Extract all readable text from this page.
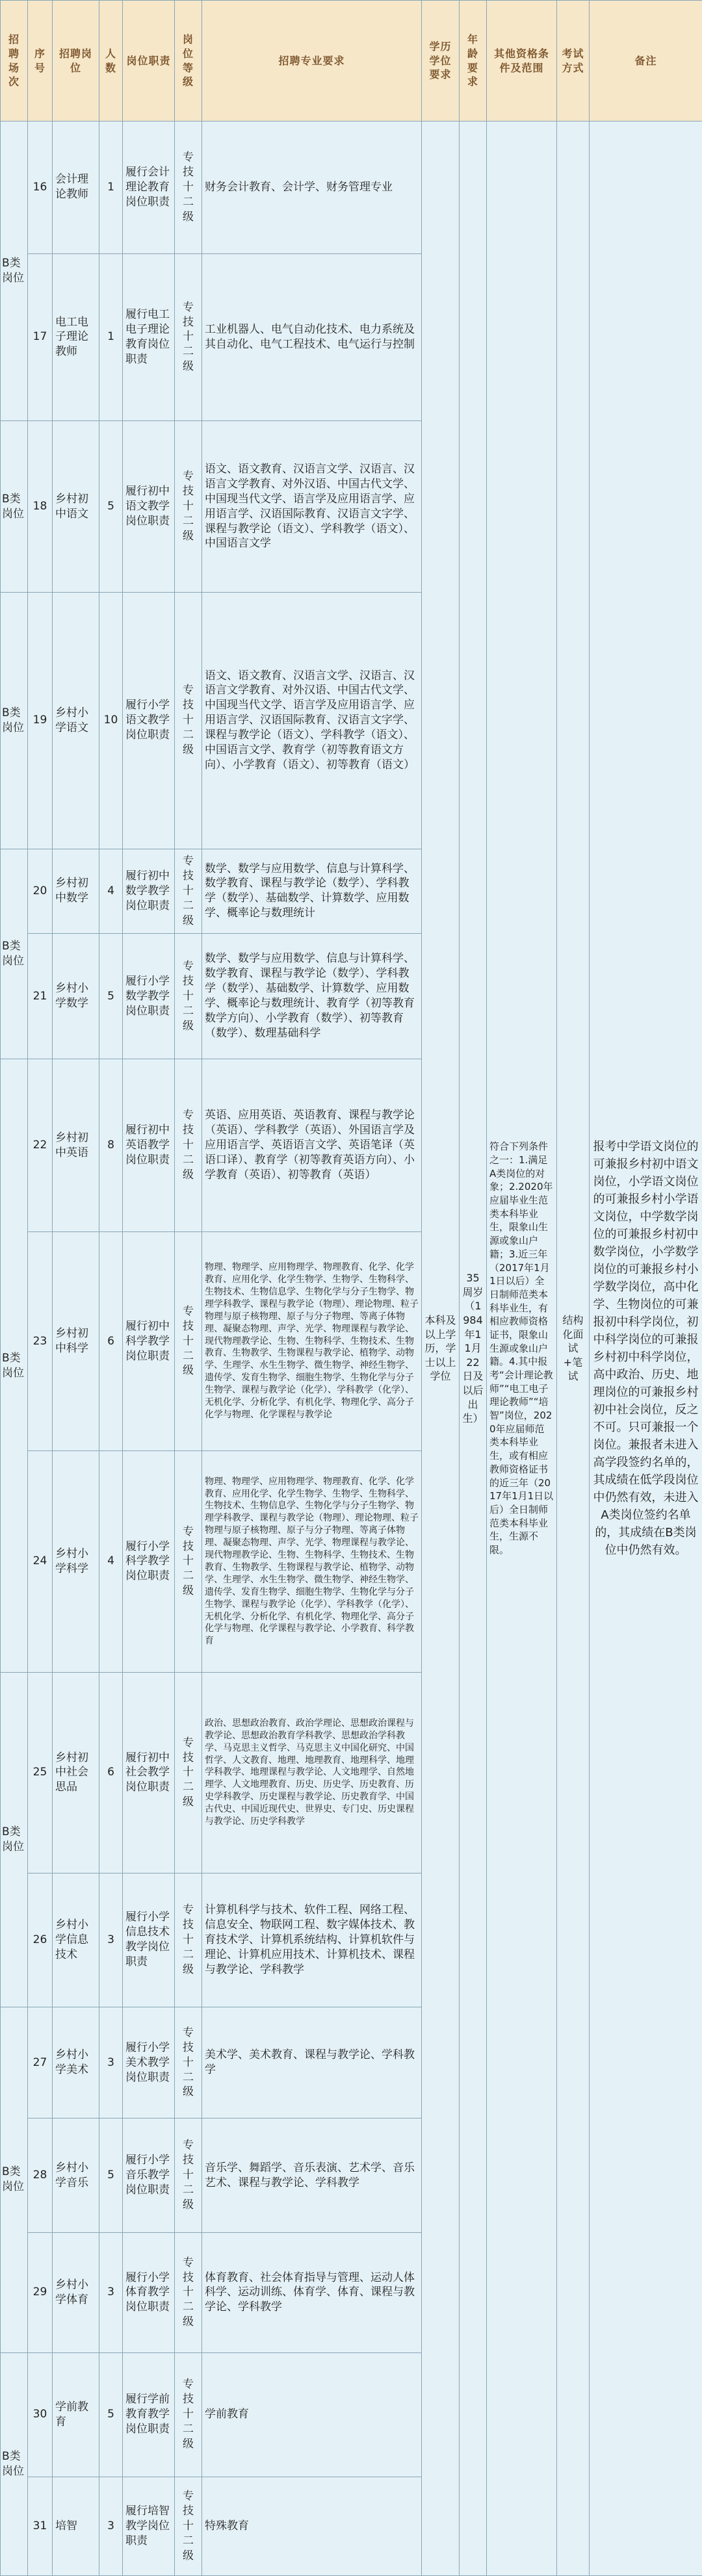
招聘场次	序号	招聘岗位	人数	岗位职责	岗位等级	招聘专业要求	学历学位要求	年龄要求	其他资格条件及范围	考试方式	备注
B类岗位	16	会计理论教师	1	履行会计理论教育岗位职责	专技十二级	财务会计教育、会计学、财务管理专业	本科及以上学历，学士以上学位	35周岁（1984年11月22日及以后出生）	符合下列条件之一：1.满足A类岗位的对象；2.2020年应届毕业生范类本科毕业生，限象山生源或象山户籍；3.近三年（2017年1月1日以后）全日制师范类本科毕业生，有相应教师资格证书，限象山生源或象山户籍。4.其中报考“会计理论教师”“电工电子理论教师”“培智”岗位，2020年应届师范类本科毕业生，或有相应教师资格证书的近三年（2017年1月1日以后）全日制师范类本科毕业生，生源不限。	结构化面试+笔试	报考中学语文岗位的可兼报乡村初中语文岗位，小学语文岗位的可兼报乡村小学语文岗位，中学数学岗位的可兼报乡村初中数学岗位，小学数学岗位的可兼报乡村小学数学岗位，高中化学、生物岗位的可兼报初中科学岗位，初中科学岗位的可兼报乡村初中科学岗位，高中政治、历史、地理岗位的可兼报乡村初中社会岗位，反之不可。只可兼报一个岗位。兼报者未进入高学段签约名单的，其成绩在低学段岗位中仍然有效，未进入A类岗位签约名单的，其成绩在B类岗位中仍然有效。
	17	电工电子理论教师	1	履行电工电子理论教育岗位职责	专技十二级	工业机器人、电气自动化技术、电力系统及其自动化、电气工程技术、电气运行与控制					
B类岗位	18	乡村初中语文	5	履行初中语文教学岗位职责	专技十二级	语文、语文教育、汉语言文学、汉语言、汉语言文学教育、对外汉语、中国古代文学、中国现当代文学、语言学及应用语言学、应用语言学、汉语国际教育、汉语言文字学、课程与教学论（语文）、学科教学（语文）、中国语言文学					
B类岗位	19	乡村小学语文	10	履行小学语文教学岗位职责	专技十二级	语文、语文教育、汉语言文学、汉语言、汉语言文学教育、对外汉语、中国古代文学、中国现当代文学、语言学及应用语言学、应用语言学、汉语国际教育、汉语言文字学、课程与教学论（语文）、学科教学（语文）、中国语言文学、教育学（初等教育语文方向）、小学教育（语文）、初等教育（语文）					
B类岗位	20	乡村初中数学	4	履行初中数学教学岗位职责	专技十二级	数学、数学与应用数学、信息与计算科学、数学教育、课程与教学论（数学）、学科教学（数学）、基础数学、计算数学、应用数学、概率论与数理统计					
	21	乡村小学数学	5	履行小学数学教学岗位职责	专技十二级	数学、数学与应用数学、信息与计算科学、数学教育、课程与教学论（数学）、学科教学（数学）、基础数学、计算数学、应用数学、概率论与数理统计、教育学（初等教育数学方向）、小学教育（数学）、初等教育（数学）、数理基础科学					
B类岗位	22	乡村初中英语	8	履行初中英语教学岗位职责	专技十二级	英语、应用英语、英语教育、课程与教学论（英语）、学科教学（英语）、外国语言学及应用语言学、英语语言文学、英语笔译（英语口译）、教育学（初等教育英语方向）、小学教育（英语）、初等教育（英语）					
	23	乡村初中科学	6	履行初中科学教学岗位职责	专技十二级	物理、物理学、应用物理学、物理教育、化学、化学教育、应用化学、化学生物学、生物学、生物科学、生物技术、生物信息学、生物化学与分子生物学、物理学科教学、课程与教学论（物理）、理论物理、粒子物理与原子核物理、原子与分子物理、等离子体物理、凝聚态物理、声学、光学、物理课程与教学论、现代物理教学论、生物、生物科学、生物技术、生物教育、生物教学、生物课程与教学论、植物学、动物学、生理学、水生生物学、微生物学、神经生物学、遗传学、发育生物学、细胞生物学、生物化学与分子生物学、课程与教学论（化学）、学科教学（化学）、无机化学、分析化学、有机化学、物理化学、高分子化学与物理、化学课程与教学论					
	24	乡村小学科学	4	履行小学科学教学岗位职责	专技十二级	物理、物理学、应用物理学、物理教育、化学、化学教育、应用化学、化学生物学、生物学、生物科学、生物技术、生物信息学、生物化学与分子生物学、物理学科教学、课程与教学论（物理）、理论物理、粒子物理与原子核物理、原子与分子物理、等离子体物理、凝聚态物理、声学、光学、物理课程与教学论、现代物理教学论、生物、生物科学、生物技术、生物教育、生物教学、生物课程与教学论、植物学、动物学、生理学、水生生物学、微生物学、神经生物学、遗传学、发育生物学、细胞生物学、生物化学与分子生物学、课程与教学论（化学）、学科教学（化学）、无机化学、分析化学、有机化学、物理化学、高分子化学与物理、化学课程与教学论、小学教育、科学教育					
B类岗位	25	乡村初中社会思品	6	履行初中社会教学岗位职责	专技十二级	政治、思想政治教育、政治学理论、思想政治课程与教学论、思想政治教育学科教学、思想政治学科教学、马克思主义哲学、马克思主义中国化研究、中国哲学、人文教育、地理、地理教育、地理科学、地理学科教学、地理课程与教学论、人文地理学、自然地理学、人文地理教育、历史、历史学、历史教育、历史学科教学、历史课程与教学论、历史教育学、中国古代史、中国近现代史、世界史、专门史、历史课程与教学论、历史学科教学					
	26	乡村小学信息技术	3	履行小学信息技术教学岗位职责	专技十二级	计算机科学与技术、软件工程、网络工程、信息安全、物联网工程、数字媒体技术、教育技术学、计算机系统结构、计算机软件与理论、计算机应用技术、计算机技术、课程与教学论、学科教学					
B类岗位	27	乡村小学美术	3	履行小学美术教学岗位职责	专技十二级	美术学、美术教育、课程与教学论、学科教学					
	28	乡村小学音乐	5	履行小学音乐教学岗位职责	专技十二级	音乐学、舞蹈学、音乐表演、艺术学、音乐艺术、课程与教学论、学科教学					
	29	乡村小学体育	3	履行小学体育教学岗位职责	专技十二级	体育教育、社会体育指导与管理、运动人体科学、运动训练、体育学、体育、课程与教学论、学科教学					
B类岗位	30	学前教育	5	履行学前教育教学岗位职责	专技十二级	学前教育					
	31	培智	3	履行培智教学岗位职责	专技十二级	特殊教育					
